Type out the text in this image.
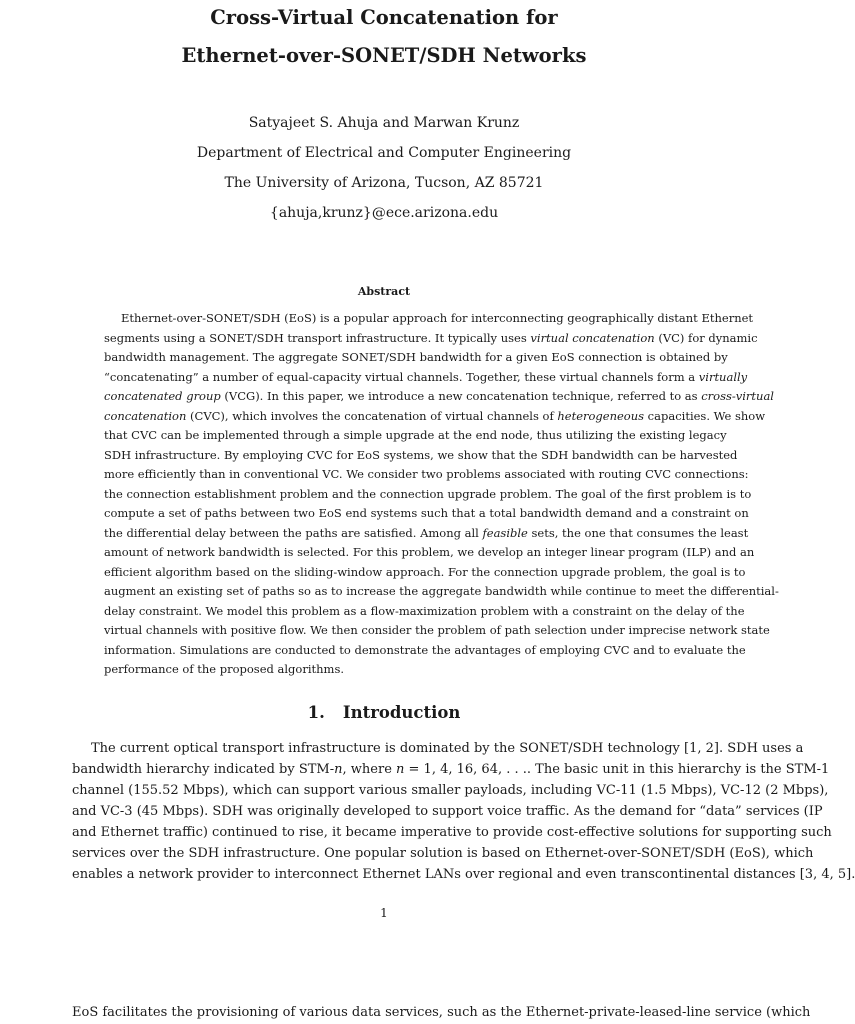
Cross-Virtual Concatenation for
Ethernet-over-SONET/SDH Networks
Satyajeet S. Ahuja and Marwan Krunz
Department of Electrical and Computer Engineering
The University of Arizona, Tucson, AZ 85721
{ahuja,krunz}@ece.arizona.edu
Abstract
Ethernet-over-SONET/SDH (EoS) is a popular approach for interconnecting geographically distant Ethernet
segments using a SONET/SDH transport infrastructure. It typically uses virtual concatenation (VC) for dynamic
bandwidth management. The aggregate SONET/SDH bandwidth for a given EoS connection is obtained by
“concatenating” a number of equal-capacity virtual channels. Together, these virtual channels form a virtually
concatenated group (VCG). In this paper, we introduce a new concatenation technique, referred to as cross-virtual
concatenation (CVC), which involves the concatenation of virtual channels of heterogeneous capacities. We show
that CVC can be implemented through a simple upgrade at the end node, thus utilizing the existing legacy
SDH infrastructure. By employing CVC for EoS systems, we show that the SDH bandwidth can be harvested
more efficiently than in conventional VC. We consider two problems associated with routing CVC connections:
the connection establishment problem and the connection upgrade problem. The goal of the first problem is to
compute a set of paths between two EoS end systems such that a total bandwidth demand and a constraint on
the differential delay between the paths are satisfied. Among all feasible sets, the one that consumes the least
amount of network bandwidth is selected. For this problem, we develop an integer linear program (ILP) and an
efficient algorithm based on the sliding-window approach. For the connection upgrade problem, the goal is to
augment an existing set of paths so as to increase the aggregate bandwidth while continue to meet the differential-
delay constraint. We model this problem as a flow-maximization problem with a constraint on the delay of the
virtual channels with positive flow. We then consider the problem of path selection under imprecise network state
information. Simulations are conducted to demonstrate the advantages of employing CVC and to evaluate the
performance of the proposed algorithms.
1. Introduction
The current optical transport infrastructure is dominated by the SONET/SDH technology [1, 2]. SDH uses a
bandwidth hierarchy indicated by STM-n, where n = 1, 4, 16, 64, . . .. The basic unit in this hierarchy is the STM-1
channel (155.52 Mbps), which can support various smaller payloads, including VC-11 (1.5 Mbps), VC-12 (2 Mbps),
and VC-3 (45 Mbps). SDH was originally developed to support voice traffic. As the demand for “data” services (IP
and Ethernet traffic) continued to rise, it became imperative to provide cost-effective solutions for supporting such
services over the SDH infrastructure. One popular solution is based on Ethernet-over-SONET/SDH (EoS), which
enables a network provider to interconnect Ethernet LANs over regional and even transcontinental distances [3, 4, 5].
1
EoS facilitates the provisioning of various data services, such as the Ethernet-private-leased-line service (which
